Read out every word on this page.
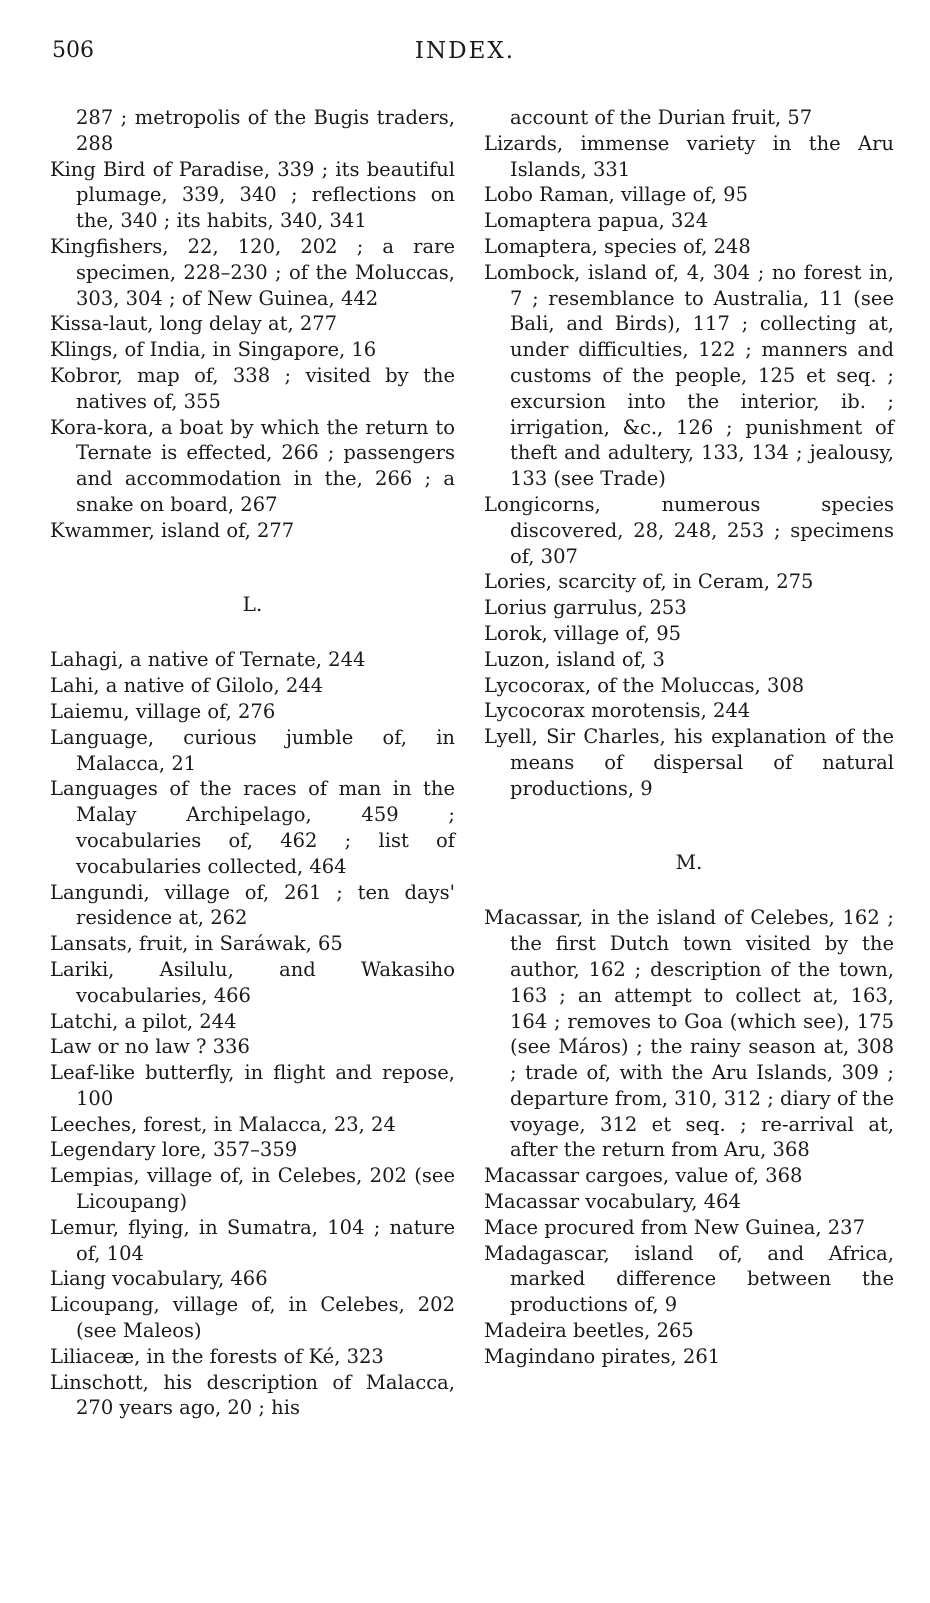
506	INDEX.

287 ; metropolis of the Bugis traders, 288

King Bird of Paradise, 339 ; its beautiful plumage, 339, 340 ; reflections on the, 340 ; its habits, 340, 341

Kingfishers, 22, 120, 202 ; a rare specimen, 228–230 ; of the Moluccas, 303, 304 ; of New Guinea, 442

Kissa-laut, long delay at, 277

Klings, of India, in Singapore, 16

Kobror, map of, 338 ; visited by the natives of, 355

Kora-kora, a boat by which the return to Ternate is effected, 266 ; passengers and accommodation in the, 266 ; a snake on board, 267

Kwammer, island of, 277

L.

Lahagi, a native of Ternate, 244

Lahi, a native of Gilolo, 244

Laiemu, village of, 276

Language, curious jumble of, in Malacca, 21

Languages of the races of man in the Malay Archipelago, 459 ; vocabularies of, 462 ; list of vocabularies collected, 464

Langundi, village of, 261 ; ten days' residence at, 262

Lansats, fruit, in Saráwak, 65

Lariki, Asilulu, and Wakasiho vocabularies, 466

Latchi, a pilot, 244

Law or no law ? 336

Leaf-like butterfly, in flight and repose, 100

Leeches, forest, in Malacca, 23, 24

Legendary lore, 357–359

Lempias, village of, in Celebes, 202 (see Licoupang)

Lemur, flying, in Sumatra, 104 ; nature of, 104

Liang vocabulary, 466

Licoupang, village of, in Celebes, 202 (see Maleos)

Liliaceæ, in the forests of Ké, 323

Linschott, his description of Malacca, 270 years ago, 20 ; his

account of the Durian fruit, 57

Lizards, immense variety in the Aru Islands, 331

Lobo Raman, village of, 95

Lomaptera papua, 324

Lomaptera, species of, 248

Lombock, island of, 4, 304 ; no forest in, 7 ; resemblance to Australia, 11 (see Bali, and Birds), 117 ; collecting at, under difficulties, 122 ; manners and customs of the people, 125 et seq. ; excursion into the interior, ib. ; irrigation, &c., 126 ; punishment of theft and adultery, 133, 134 ; jealousy, 133 (see Trade)

Longicorns, numerous species discovered, 28, 248, 253 ; specimens of, 307

Lories, scarcity of, in Ceram, 275

Lorius garrulus, 253

Lorok, village of, 95

Luzon, island of, 3

Lycocorax, of the Moluccas, 308

Lycocorax morotensis, 244

Lyell, Sir Charles, his explanation of the means of dispersal of natural productions, 9

M.

Macassar, in the island of Celebes, 162 ; the first Dutch town visited by the author, 162 ; description of the town, 163 ; an attempt to collect at, 163, 164 ; removes to Goa (which see), 175 (see Máros) ; the rainy season at, 308 ; trade of, with the Aru Islands, 309 ; departure from, 310, 312 ; diary of the voyage, 312 et seq. ; re-arrival at, after the return from Aru, 368

Macassar cargoes, value of, 368

Macassar vocabulary, 464

Mace procured from New Guinea, 237

Madagascar, island of, and Africa, marked difference between the productions of, 9

Madeira beetles, 265

Magindano pirates, 261
